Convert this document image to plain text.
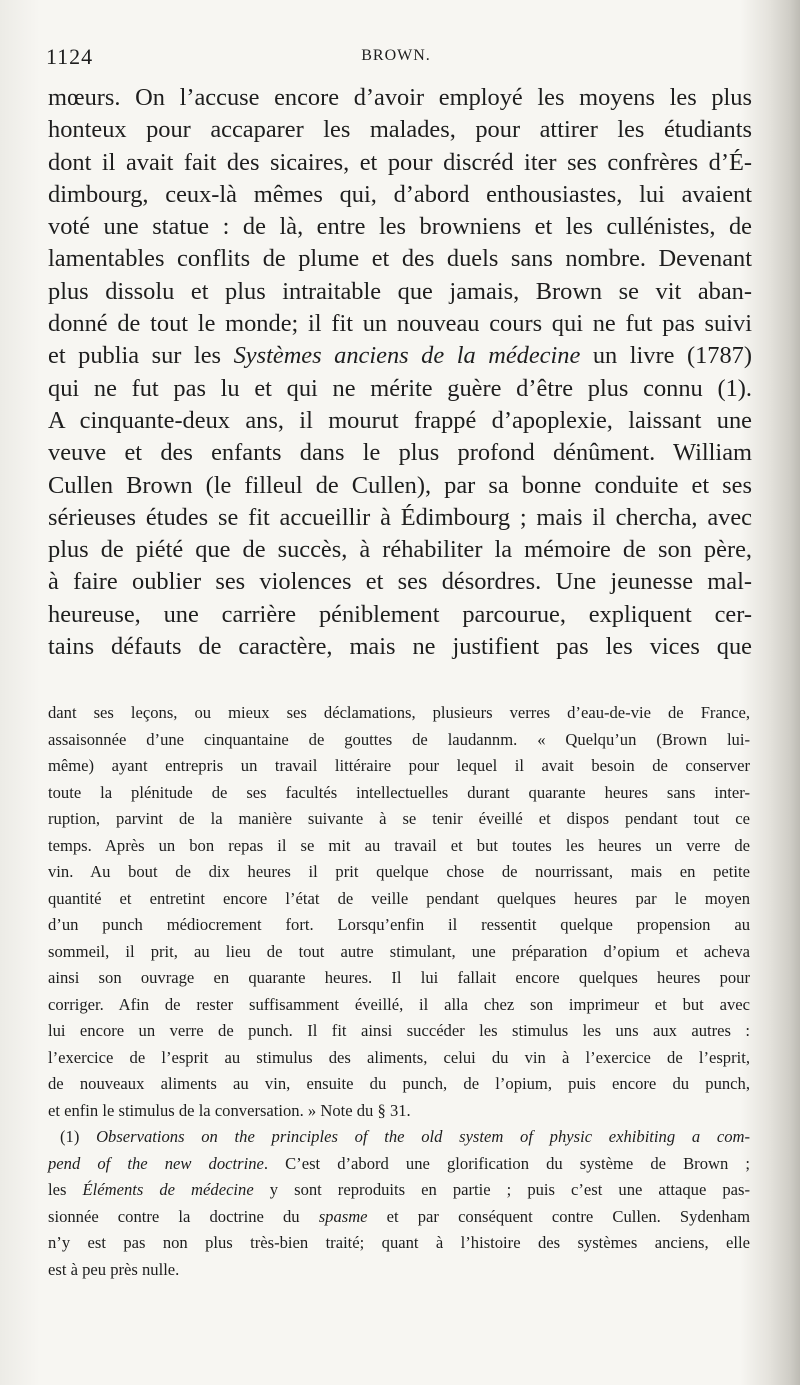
1124	BROWN.
mœurs. On l’accuse encore d’avoir employé les moyens les plus
honteux pour accaparer les malades, pour attirer les étudiants
dont il avait fait des sicaires, et pour discréd iter ses confrères d’É-
dimbourg, ceux-là mêmes qui, d’abord enthousiastes, lui avaient
voté une statue : de là, entre les browniens et les cullénistes, de
lamentables conflits de plume et des duels sans nombre. Devenant
plus dissolu et plus intraitable que jamais, Brown se vit aban-
donné de tout le monde; il fit un nouveau cours qui ne fut pas suivi
et publia sur les Systèmes anciens de la médecine un livre (1787)
qui ne fut pas lu et qui ne mérite guère d’être plus connu (1).
A cinquante-deux ans, il mourut frappé d’apoplexie, laissant une
veuve et des enfants dans le plus profond dénûment. William
Cullen Brown (le filleul de Cullen), par sa bonne conduite et ses
sérieuses études se fit accueillir à Édimbourg ; mais il chercha, avec
plus de piété que de succès, à réhabiliter la mémoire de son père,
à faire oublier ses violences et ses désordres. Une jeunesse mal-
heureuse, une carrière péniblement parcourue, expliquent cer-
tains défauts de caractère, mais ne justifient pas les vices que
dant ses leçons, ou mieux ses déclamations, plusieurs verres d’eau-de-vie de France,
assaisonnée d’une cinquantaine de gouttes de laudannm. « Quelqu’un (Brown lui-
même) ayant entrepris un travail littéraire pour lequel il avait besoin de conserver
toute la plénitude de ses facultés intellectuelles durant quarante heures sans inter-
ruption, parvint de la manière suivante à se tenir éveillé et dispos pendant tout ce
temps. Après un bon repas il se mit au travail et but toutes les heures un verre de
vin. Au bout de dix heures il prit quelque chose de nourrissant, mais en petite
quantité et entretint encore l’état de veille pendant quelques heures par le moyen
d’un punch médiocrement fort. Lorsqu’enfin il ressentit quelque propension au
sommeil, il prit, au lieu de tout autre stimulant, une préparation d’opium et acheva
ainsi son ouvrage en quarante heures. Il lui fallait encore quelques heures pour
corriger. Afin de rester suffisamment éveillé, il alla chez son imprimeur et but avec
lui encore un verre de punch. Il fit ainsi succéder les stimulus les uns aux autres :
l’exercice de l’esprit au stimulus des aliments, celui du vin à l’exercice de l’esprit,
de nouveaux aliments au vin, ensuite du punch, de l’opium, puis encore du punch,
et enfin le stimulus de la conversation. » Note du § 31.
(1) Observations on the principles of the old system of physic exhibiting a com-
pend of the new doctrine. C’est d’abord une glorification du système de Brown ;
les Éléments de médecine y sont reproduits en partie ; puis c’est une attaque pas-
sionnée contre la doctrine du spasme et par conséquent contre Cullen. Sydenham
n’y est pas non plus très-bien traité; quant à l’histoire des systèmes anciens, elle
est à peu près nulle.
